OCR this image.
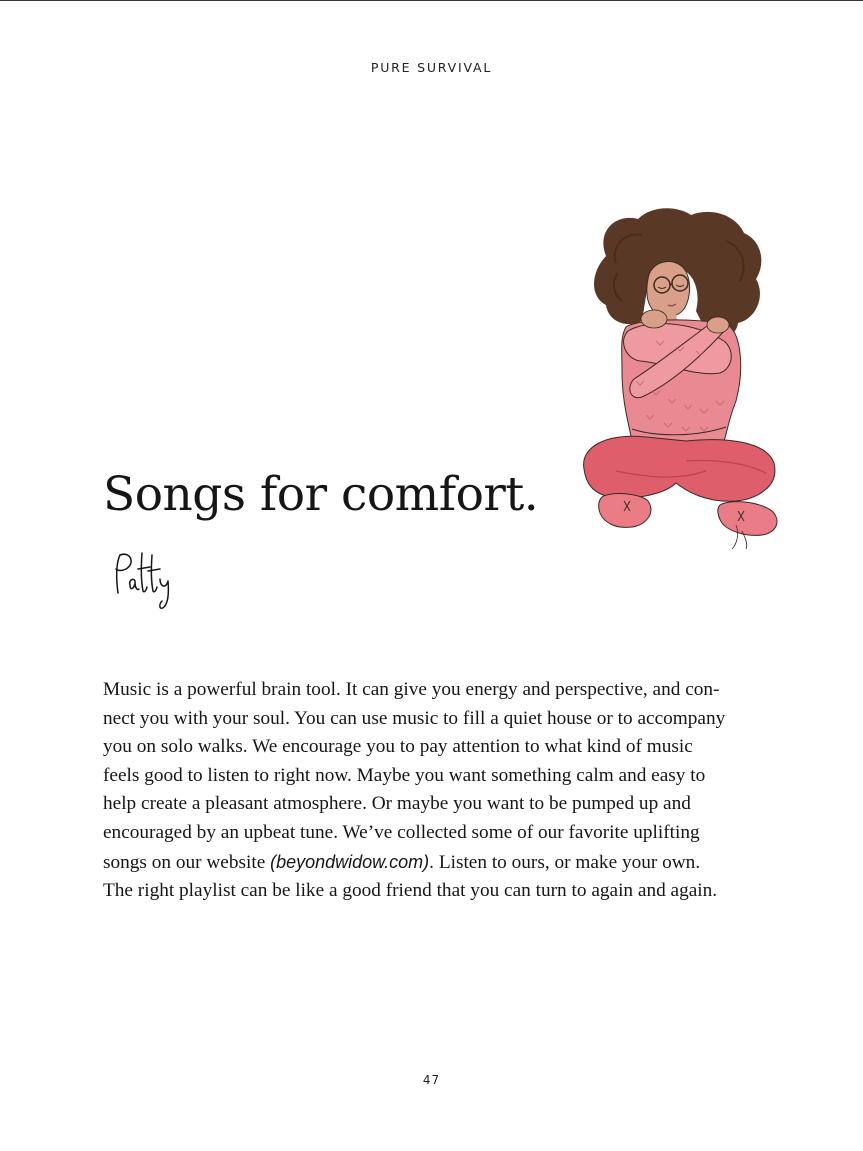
PURE SURVIVAL
Songs for comfort.

Music is a powerful brain tool. It can give you energy and perspective, and con-
nect you with your soul. You can use music to fill a quiet house or to accompany
you on solo walks. We encourage you to pay attention to what kind of music
feels good to listen to right now. Maybe you want something calm and easy to
help create a pleasant atmosphere. Or maybe you want to be pumped up and
encouraged by an upbeat tune. We’ve collected some of our favorite uplifting
songs on our website (beyondwidow.com). Listen to ours, or make your own.
The right playlist can be like a good friend that you can turn to again and again.

47
